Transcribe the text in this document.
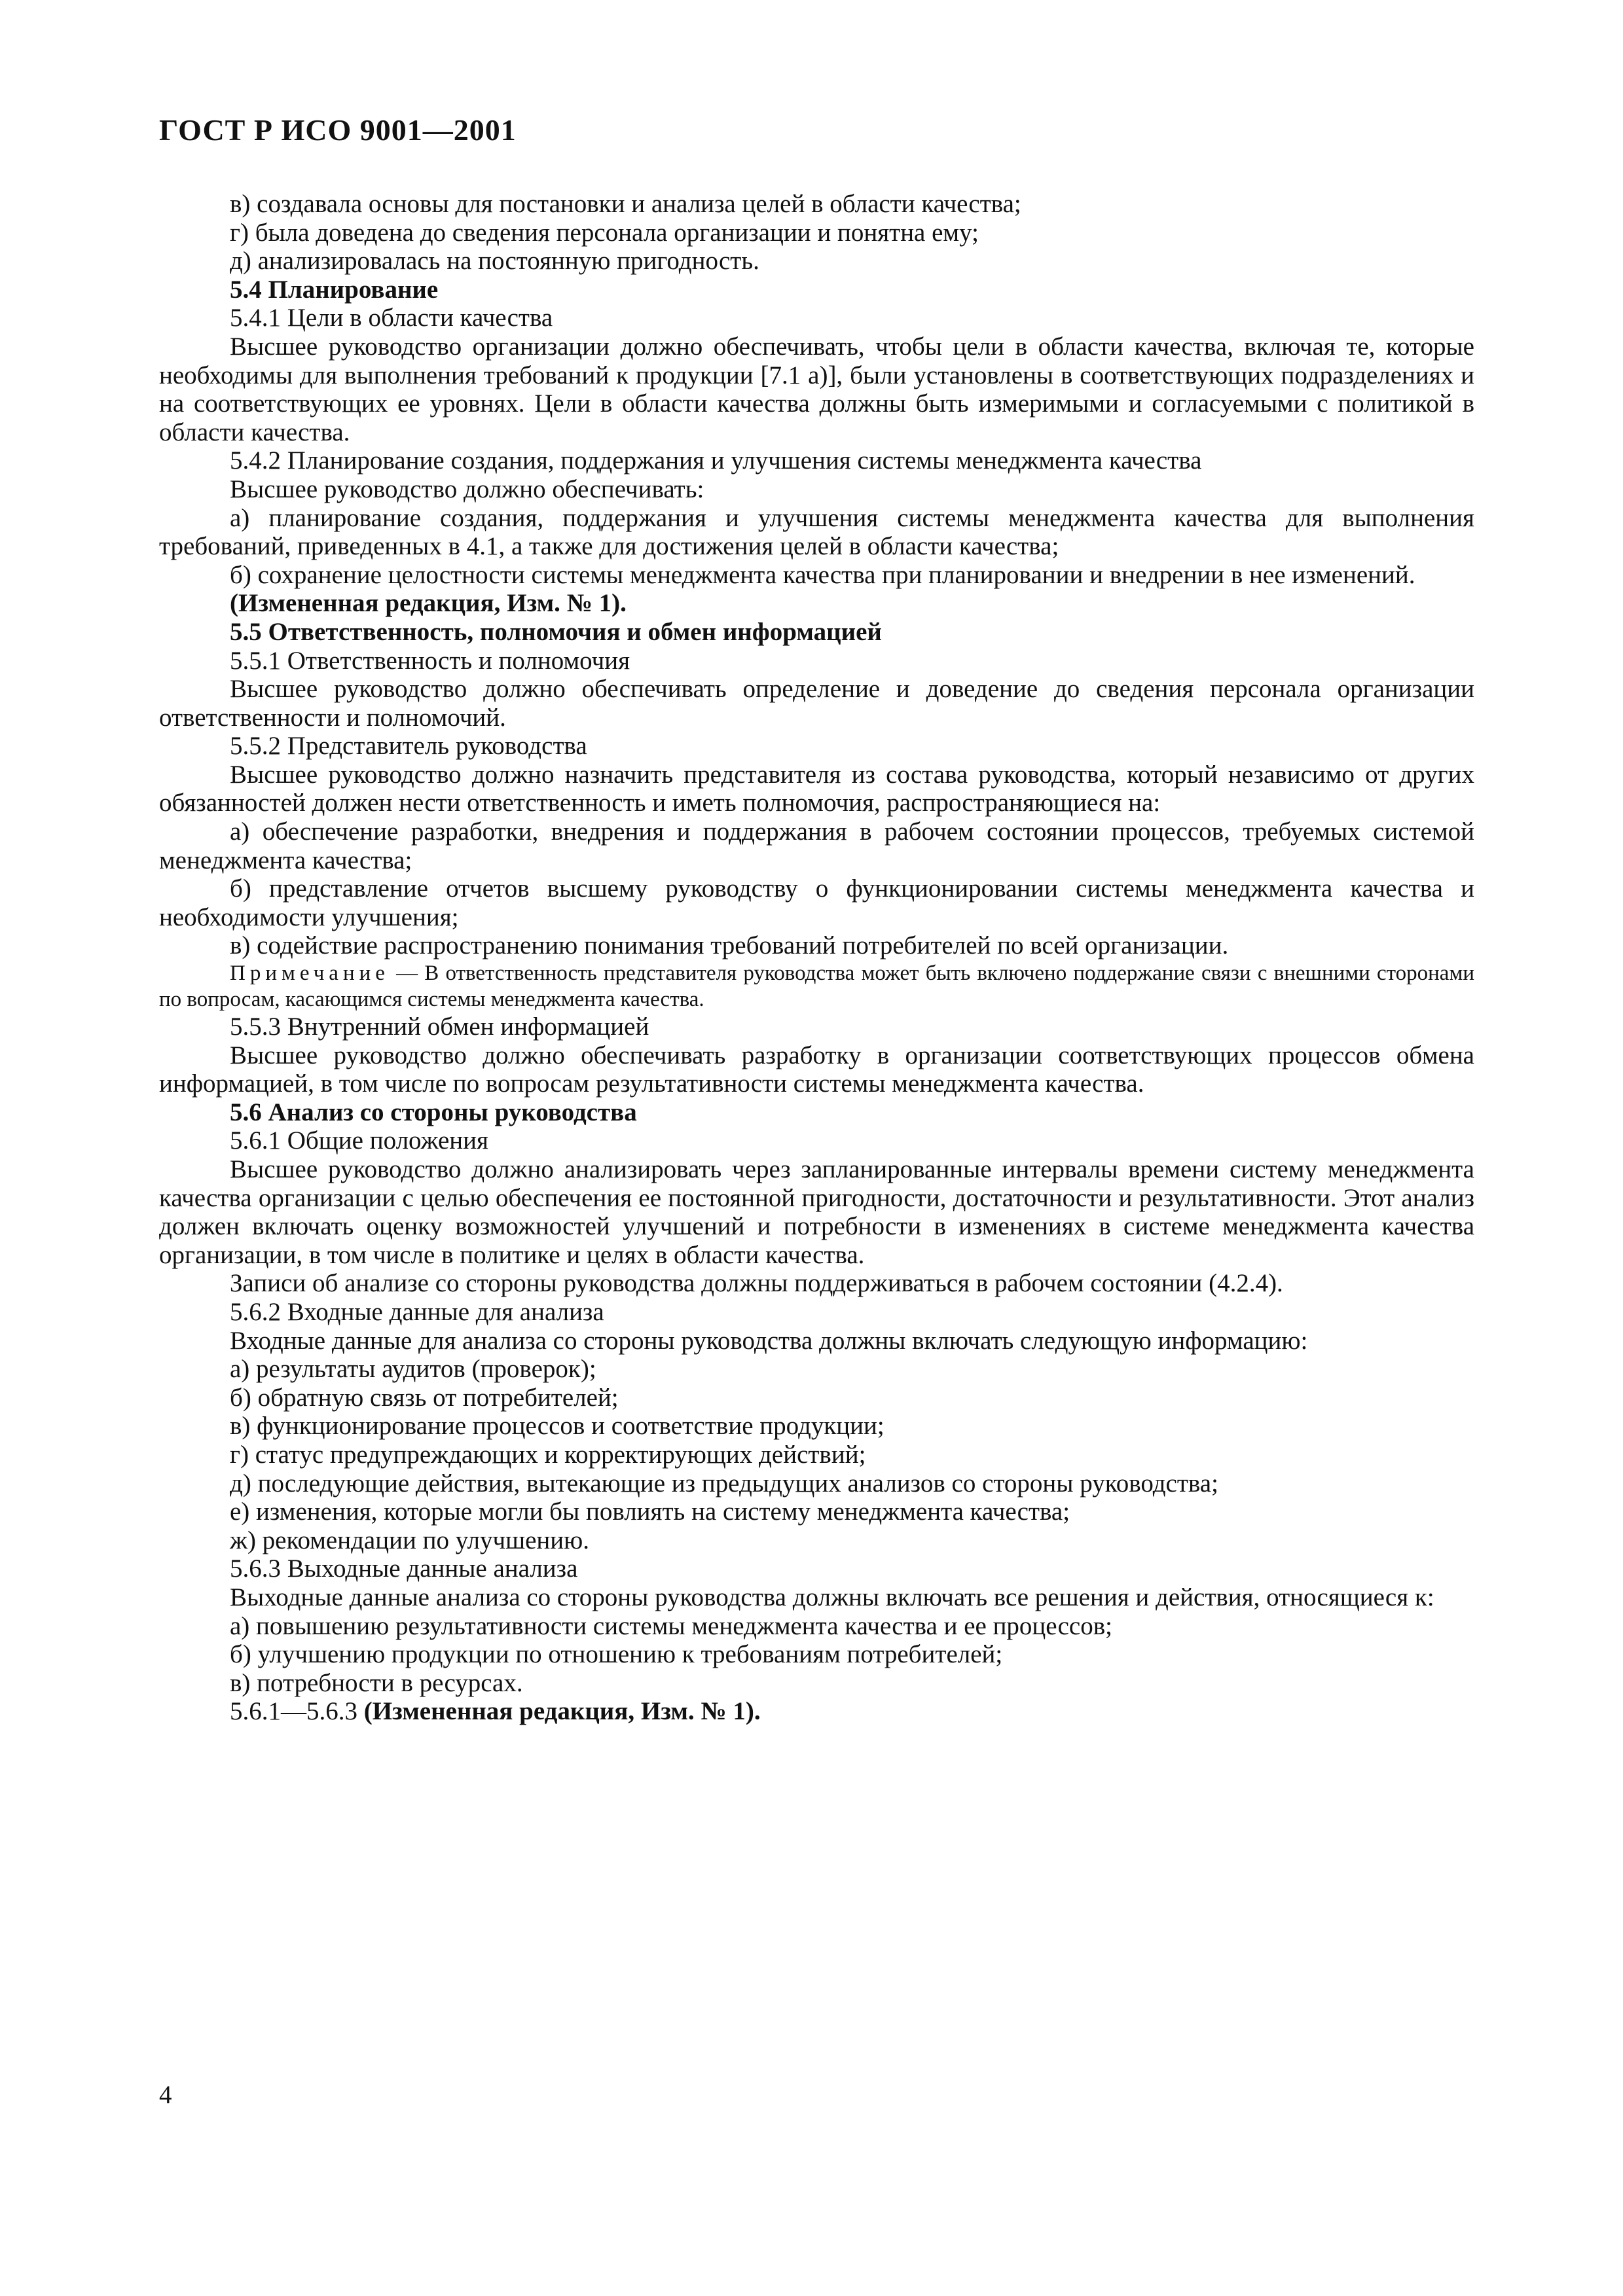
ГОСТ Р ИСО 9001—2001
в) создавала основы для постановки и анализа целей в области качества;
г) была доведена до сведения персонала организации и понятна ему;
д) анализировалась на постоянную пригодность.
5.4 Планирование
5.4.1 Цели в области качества
Высшее руководство организации должно обеспечивать, чтобы цели в области качества, включая те, которые необходимы для выполнения требований к продукции [7.1 а)], были установлены в соответствующих подразделениях и на соответствующих ее уровнях. Цели в области качества должны быть измеримыми и согласуемыми с политикой в области качества.
5.4.2 Планирование создания, поддержания и улучшения системы менеджмента качества
Высшее руководство должно обеспечивать:
а) планирование создания, поддержания и улучшения системы менеджмента качества для выполнения требований, приведенных в 4.1, а также для достижения целей в области качества;
б) сохранение целостности системы менеджмента качества при планировании и внедрении в нее изменений.
(Измененная редакция, Изм. № 1).
5.5 Ответственность, полномочия и обмен информацией
5.5.1 Ответственность и полномочия
Высшее руководство должно обеспечивать определение и доведение до сведения персонала организации ответственности и полномочий.
5.5.2 Представитель руководства
Высшее руководство должно назначить представителя из состава руководства, который независимо от других обязанностей должен нести ответственность и иметь полномочия, распространяющиеся на:
а) обеспечение разработки, внедрения и поддержания в рабочем состоянии процессов, требуемых системой менеджмента качества;
б) представление отчетов высшему руководству о функционировании системы менеджмента качества и необходимости улучшения;
в) содействие распространению понимания требований потребителей по всей организации.
Примечание — В ответственность представителя руководства может быть включено поддержание связи с внешними сторонами по вопросам, касающимся системы менеджмента качества.
5.5.3 Внутренний обмен информацией
Высшее руководство должно обеспечивать разработку в организации соответствующих процессов обмена информацией, в том числе по вопросам результативности системы менеджмента качества.
5.6 Анализ со стороны руководства
5.6.1 Общие положения
Высшее руководство должно анализировать через запланированные интервалы времени систему менеджмента качества организации с целью обеспечения ее постоянной пригодности, достаточности и результативности. Этот анализ должен включать оценку возможностей улучшений и потребности в изменениях в системе менеджмента качества организации, в том числе в политике и целях в области качества.
Записи об анализе со стороны руководства должны поддерживаться в рабочем состоянии (4.2.4).
5.6.2 Входные данные для анализа
Входные данные для анализа со стороны руководства должны включать следующую информацию:
а) результаты аудитов (проверок);
б) обратную связь от потребителей;
в) функционирование процессов и соответствие продукции;
г) статус предупреждающих и корректирующих действий;
д) последующие действия, вытекающие из предыдущих анализов со стороны руководства;
е) изменения, которые могли бы повлиять на систему менеджмента качества;
ж) рекомендации по улучшению.
5.6.3 Выходные данные анализа
Выходные данные анализа со стороны руководства должны включать все решения и действия, относящиеся к:
а) повышению результативности системы менеджмента качества и ее процессов;
б) улучшению продукции по отношению к требованиям потребителей;
в) потребности в ресурсах.
5.6.1—5.6.3 (Измененная редакция, Изм. № 1).
4
